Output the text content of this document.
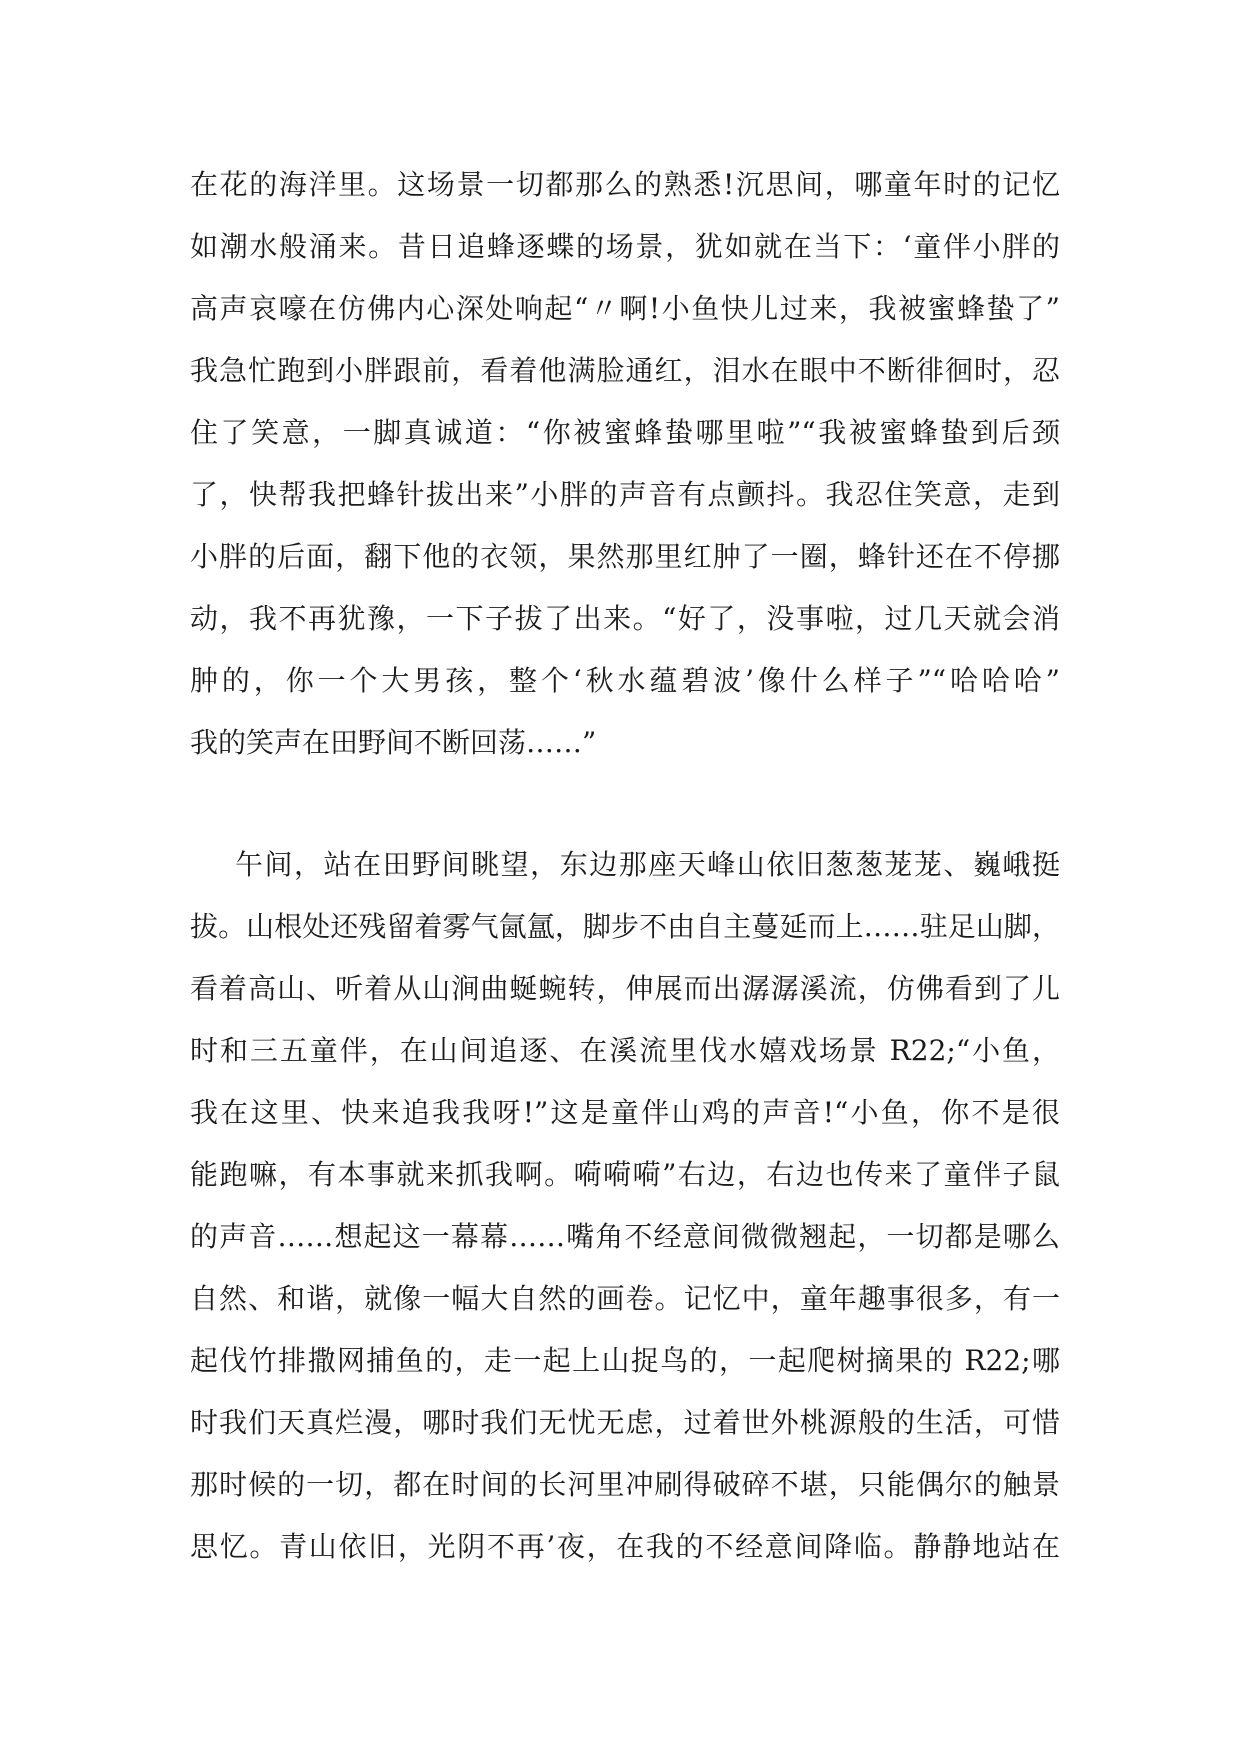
在花的海洋里。这场景一切都那么的熟悉!沉思间，哪童年时的记忆
如潮水般涌来。昔日追蜂逐蝶的场景，犹如就在当下：‘童伴小胖的
高声哀嚎在仿佛内心深处响起“〃啊!小鱼快儿过来，我被蜜蜂蛰了”
我急忙跑到小胖跟前，看着他满脸通红，泪水在眼中不断徘徊时，忍
住了笑意，一脚真诚道：“你被蜜蜂蛰哪里啦”“我被蜜蜂蛰到后颈
了，快帮我把蜂针拔出来”小胖的声音有点颤抖。我忍住笑意，走到
小胖的后面，翻下他的衣领，果然那里红肿了一圈，蜂针还在不停挪
动，我不再犹豫，一下子拔了出来。“好了，没事啦，过几天就会消
肿的，你一个大男孩，整个‘秋水蕴碧波’像什么样子”“哈哈哈”
我的笑声在田野间不断回荡……”
午间，站在田野间眺望，东边那座天峰山依旧葱葱茏茏、巍峨挺
拔。山根处还残留着雾气氤氲，脚步不由自主蔓延而上……驻足山脚，
看着高山、听着从山涧曲蜒蜿转，伸展而出潺潺溪流，仿佛看到了儿
时和三五童伴，在山间追逐、在溪流里伐水嬉戏场景 R22;“小鱼，
我在这里、快来追我我呀!”这是童伴山鸡的声音!“小鱼，你不是很
能跑嘛，有本事就来抓我啊。嗬嗬嗬”右边，右边也传来了童伴子鼠
的声音……想起这一幕幕……嘴角不经意间微微翘起，一切都是哪么
自然、和谐，就像一幅大自然的画卷。记忆中，童年趣事很多，有一
起伐竹排撒网捕鱼的，走一起上山捉鸟的，一起爬树摘果的 R22;哪
时我们天真烂漫，哪时我们无忧无虑，过着世外桃源般的生活，可惜
那时候的一切，都在时间的长河里冲刷得破碎不堪，只能偶尔的触景
思忆。青山依旧，光阴不再’夜，在我的不经意间降临。静静地站在
